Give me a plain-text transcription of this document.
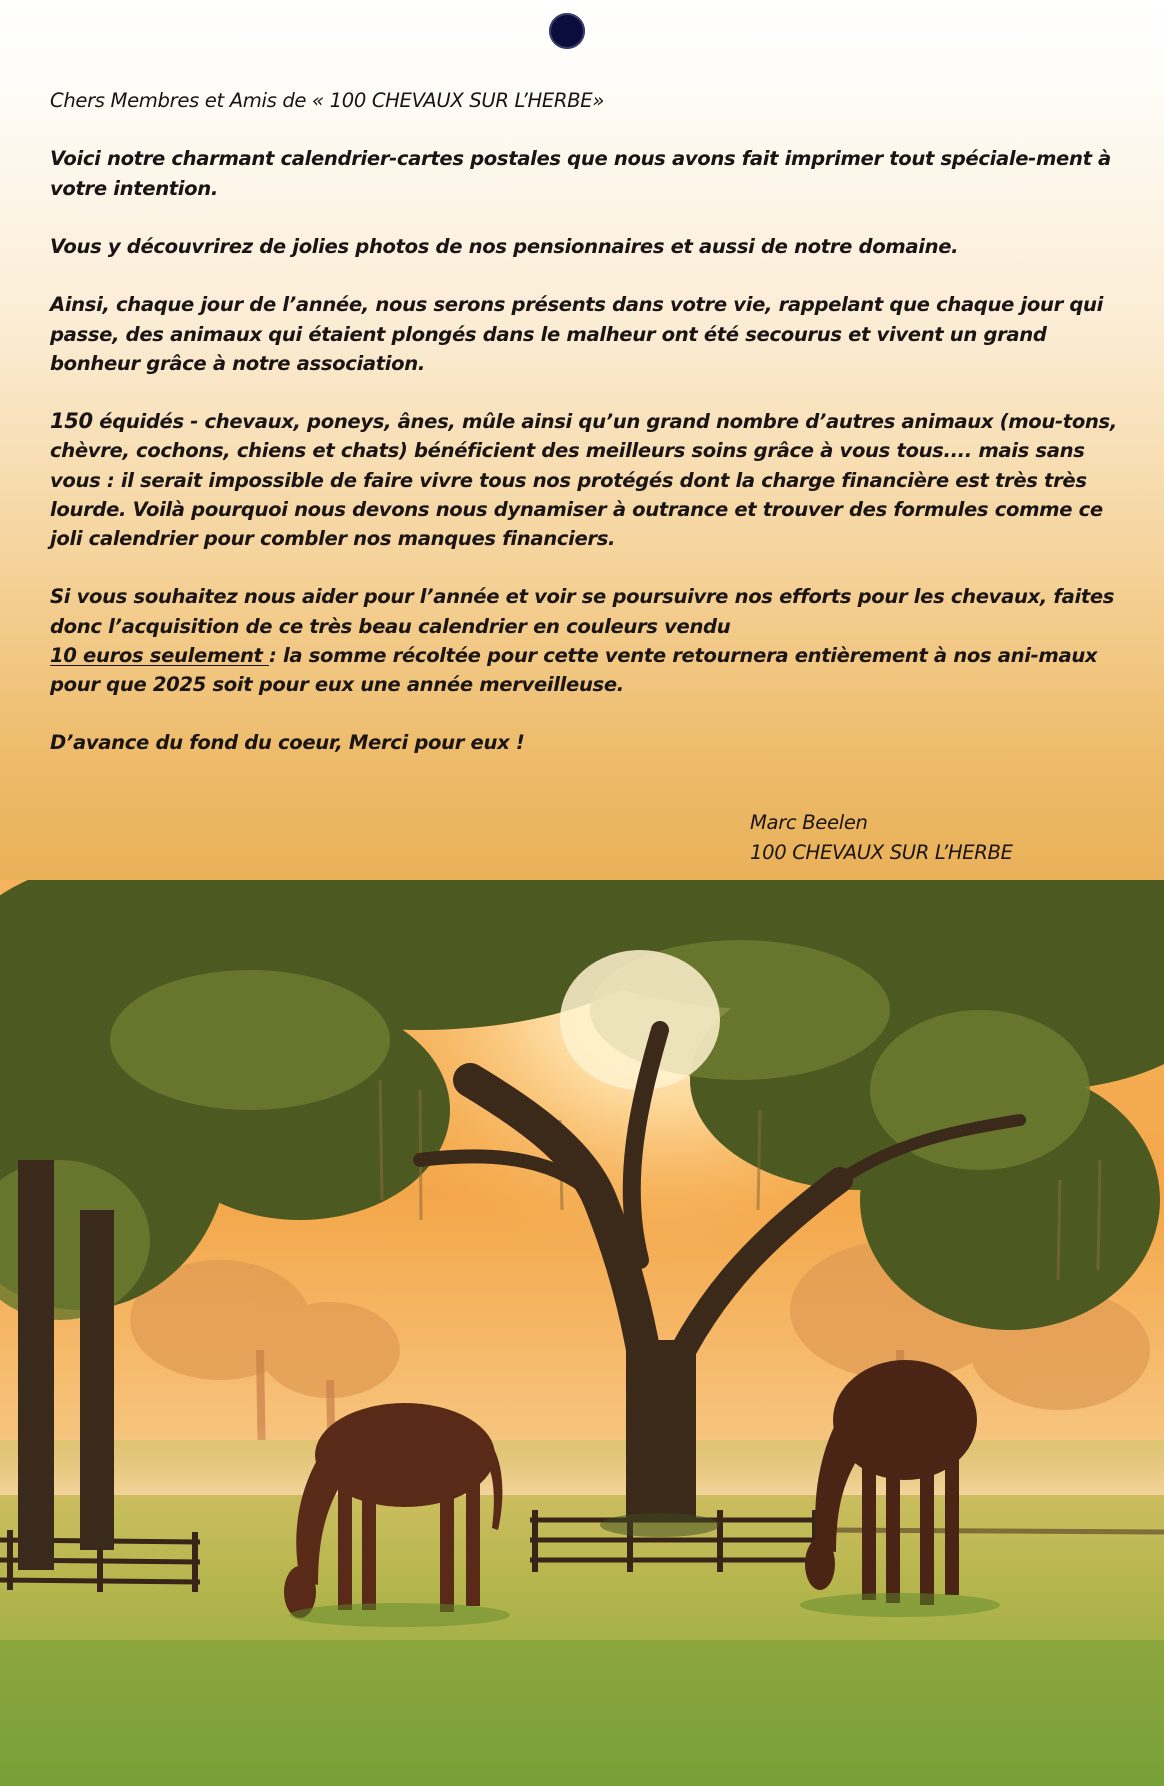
Chers Membres et Amis de « 100 CHEVAUX SUR L’HERBE»

Voici notre charmant calendrier-cartes postales que nous avons fait imprimer tout spéciale-ment à votre intention.

Vous y découvrirez de jolies photos de nos pensionnaires et aussi de notre domaine.

Ainsi, chaque jour de l’année, nous serons présents dans votre vie, rappelant que chaque jour qui passe, des animaux qui étaient plongés dans le malheur ont été secourus et vivent un grand bonheur grâce à notre association.

150 équidés - chevaux, poneys, ânes, mûle ainsi qu’un grand nombre d’autres animaux (mou-tons, chèvre, cochons, chiens et chats) bénéficient des meilleurs soins grâce à vous tous.... mais sans vous : il serait impossible de faire vivre tous nos protégés dont la charge financière est très très lourde. Voilà pourquoi nous devons nous dynamiser à outrance et trouver des formules comme ce joli calendrier pour combler nos manques financiers.

Si vous souhaitez nous aider pour l’année et voir se poursuivre nos efforts pour les chevaux, faites donc l’acquisition de ce très beau calendrier en couleurs vendu
10 euros seulement : la somme récoltée pour cette vente retournera entièrement à nos ani-maux pour que 2025 soit pour eux une année merveilleuse.

D’avance du fond du coeur, Merci pour eux !

Marc Beelen
100 CHEVAUX SUR L’HERBE
